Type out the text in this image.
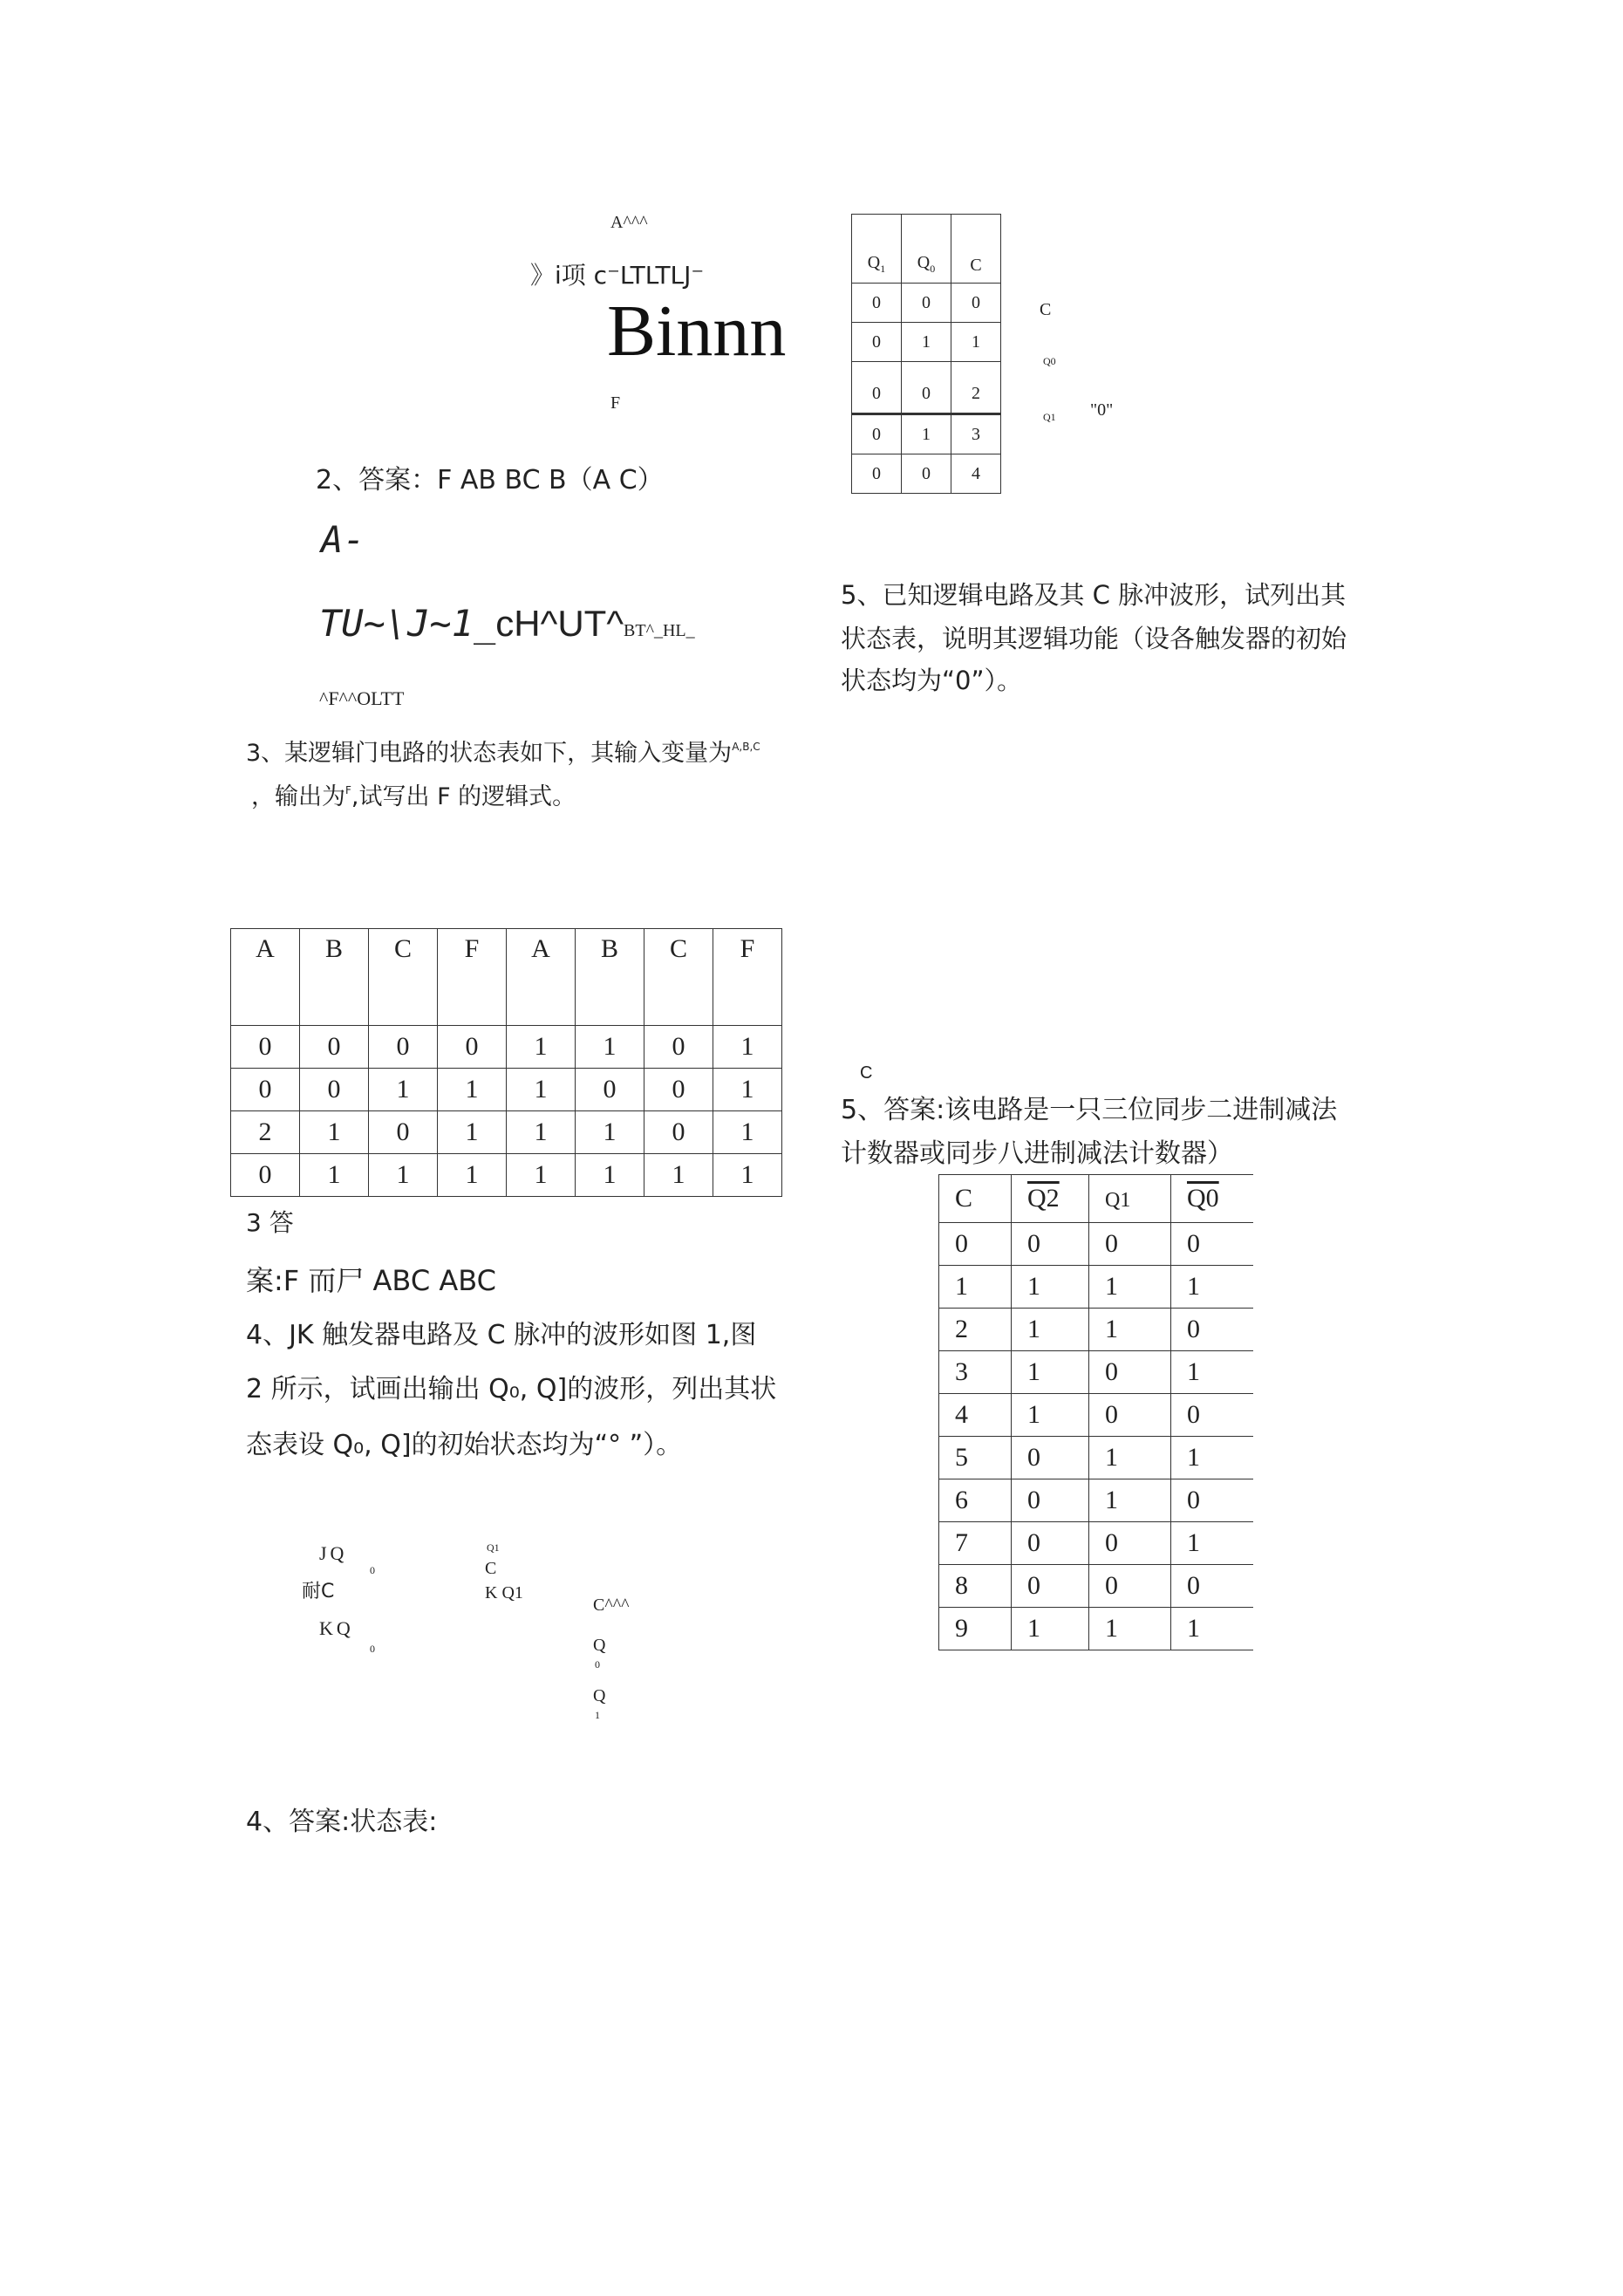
A^^^
》ⅰ项 c⁻LTLTLJ⁻
Binnn
F
$Q_1$	$Q_0$	C
0	0	0
0	1	1
0	0	2
0	1	3
0	0	4
C
Q0
Q1 "0"
2、答案：F AB BC B（A C）
A-
TU~\J~1_cH^UT^BT^_HL_
^F^^OLTT
3、某逻辑门电路的状态表如下，其输入变量为$^{A,B,C}$
，输出为$^F$,试写出 F 的逻辑式。
A	B	C	F	A	B	C	F
0	0	0	0	1	1	0	1
0	0	1	1	1	0	0	1
2	1	0	1	1	1	0	1
0	1	1	1	1	1	1	1
3 答
案:F 而尸 ABC ABC
4、JK 触发器电路及 C 脉冲的波形如图 1,图
2 所示，试画出输出 Q₀, Q]的波形，列出其状
态表设 Q₀, Q]的初始状态均为“° ”）。
JQ
0
耐C
KQ
0
Q1
C
K Q1
C^^^
Q
0
Q
1
4、答案:状态表:
5、已知逻辑电路及其 C 脉冲波形，试列出其
状态表，说明其逻辑功能（设各触发器的初始
状态均为“0”）。
C
5、答案:该电路是一只三位同步二进制减法
计数器或同步八进制减法计数器）
C	Q2	Q1	Q0
0	0	0	0
1	1	1	1
2	1	1	0
3	1	0	1
4	1	0	0
5	0	1	1
6	0	1	0
7	0	0	1
8	0	0	0
9	1	1	1
